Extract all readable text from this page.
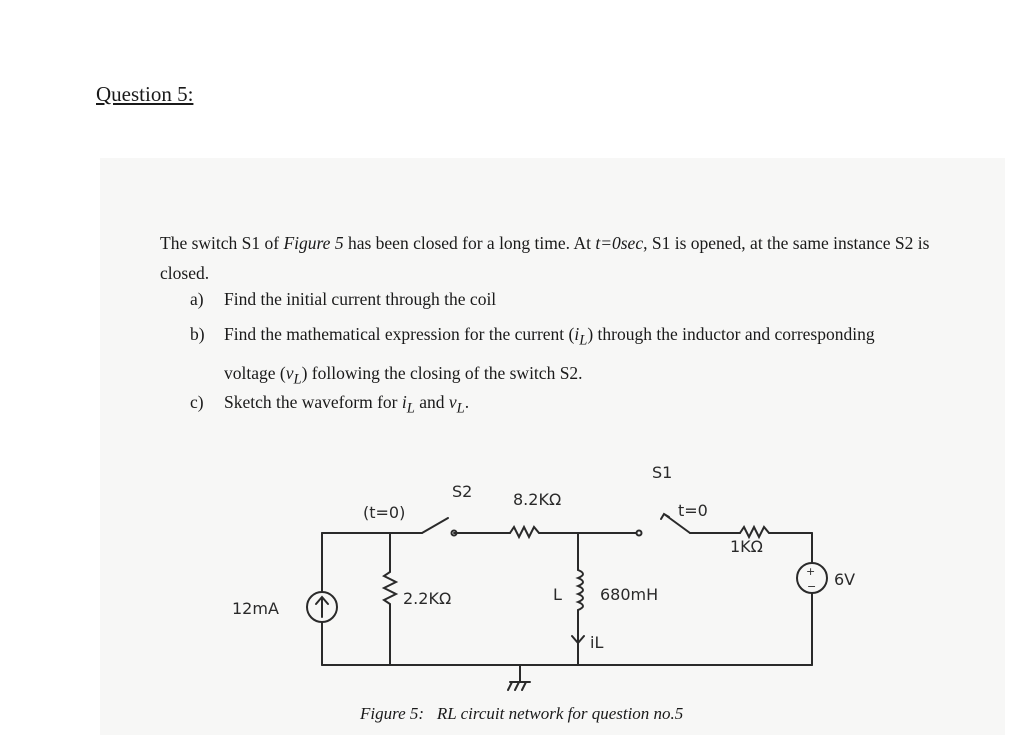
Question 5:
The switch S1 of Figure 5 has been closed for a long time. At t=0sec, S1 is opened, at the same instance S2 is closed.
a) Find the initial current through the coil
b) Find the mathematical expression for the current $(i_L)$ through the inductor and corresponding voltage $(v_L)$ following the closing of the switch S2.
c) Sketch the waveform for $i_L$ and $v_L$.
12mA
(t=0)
S2	8.2KΩ
2.2KΩ	L 680mH
iL
S1
t=0
1KΩ
6V
+
−
Figure 5: RL circuit network for question no.5
